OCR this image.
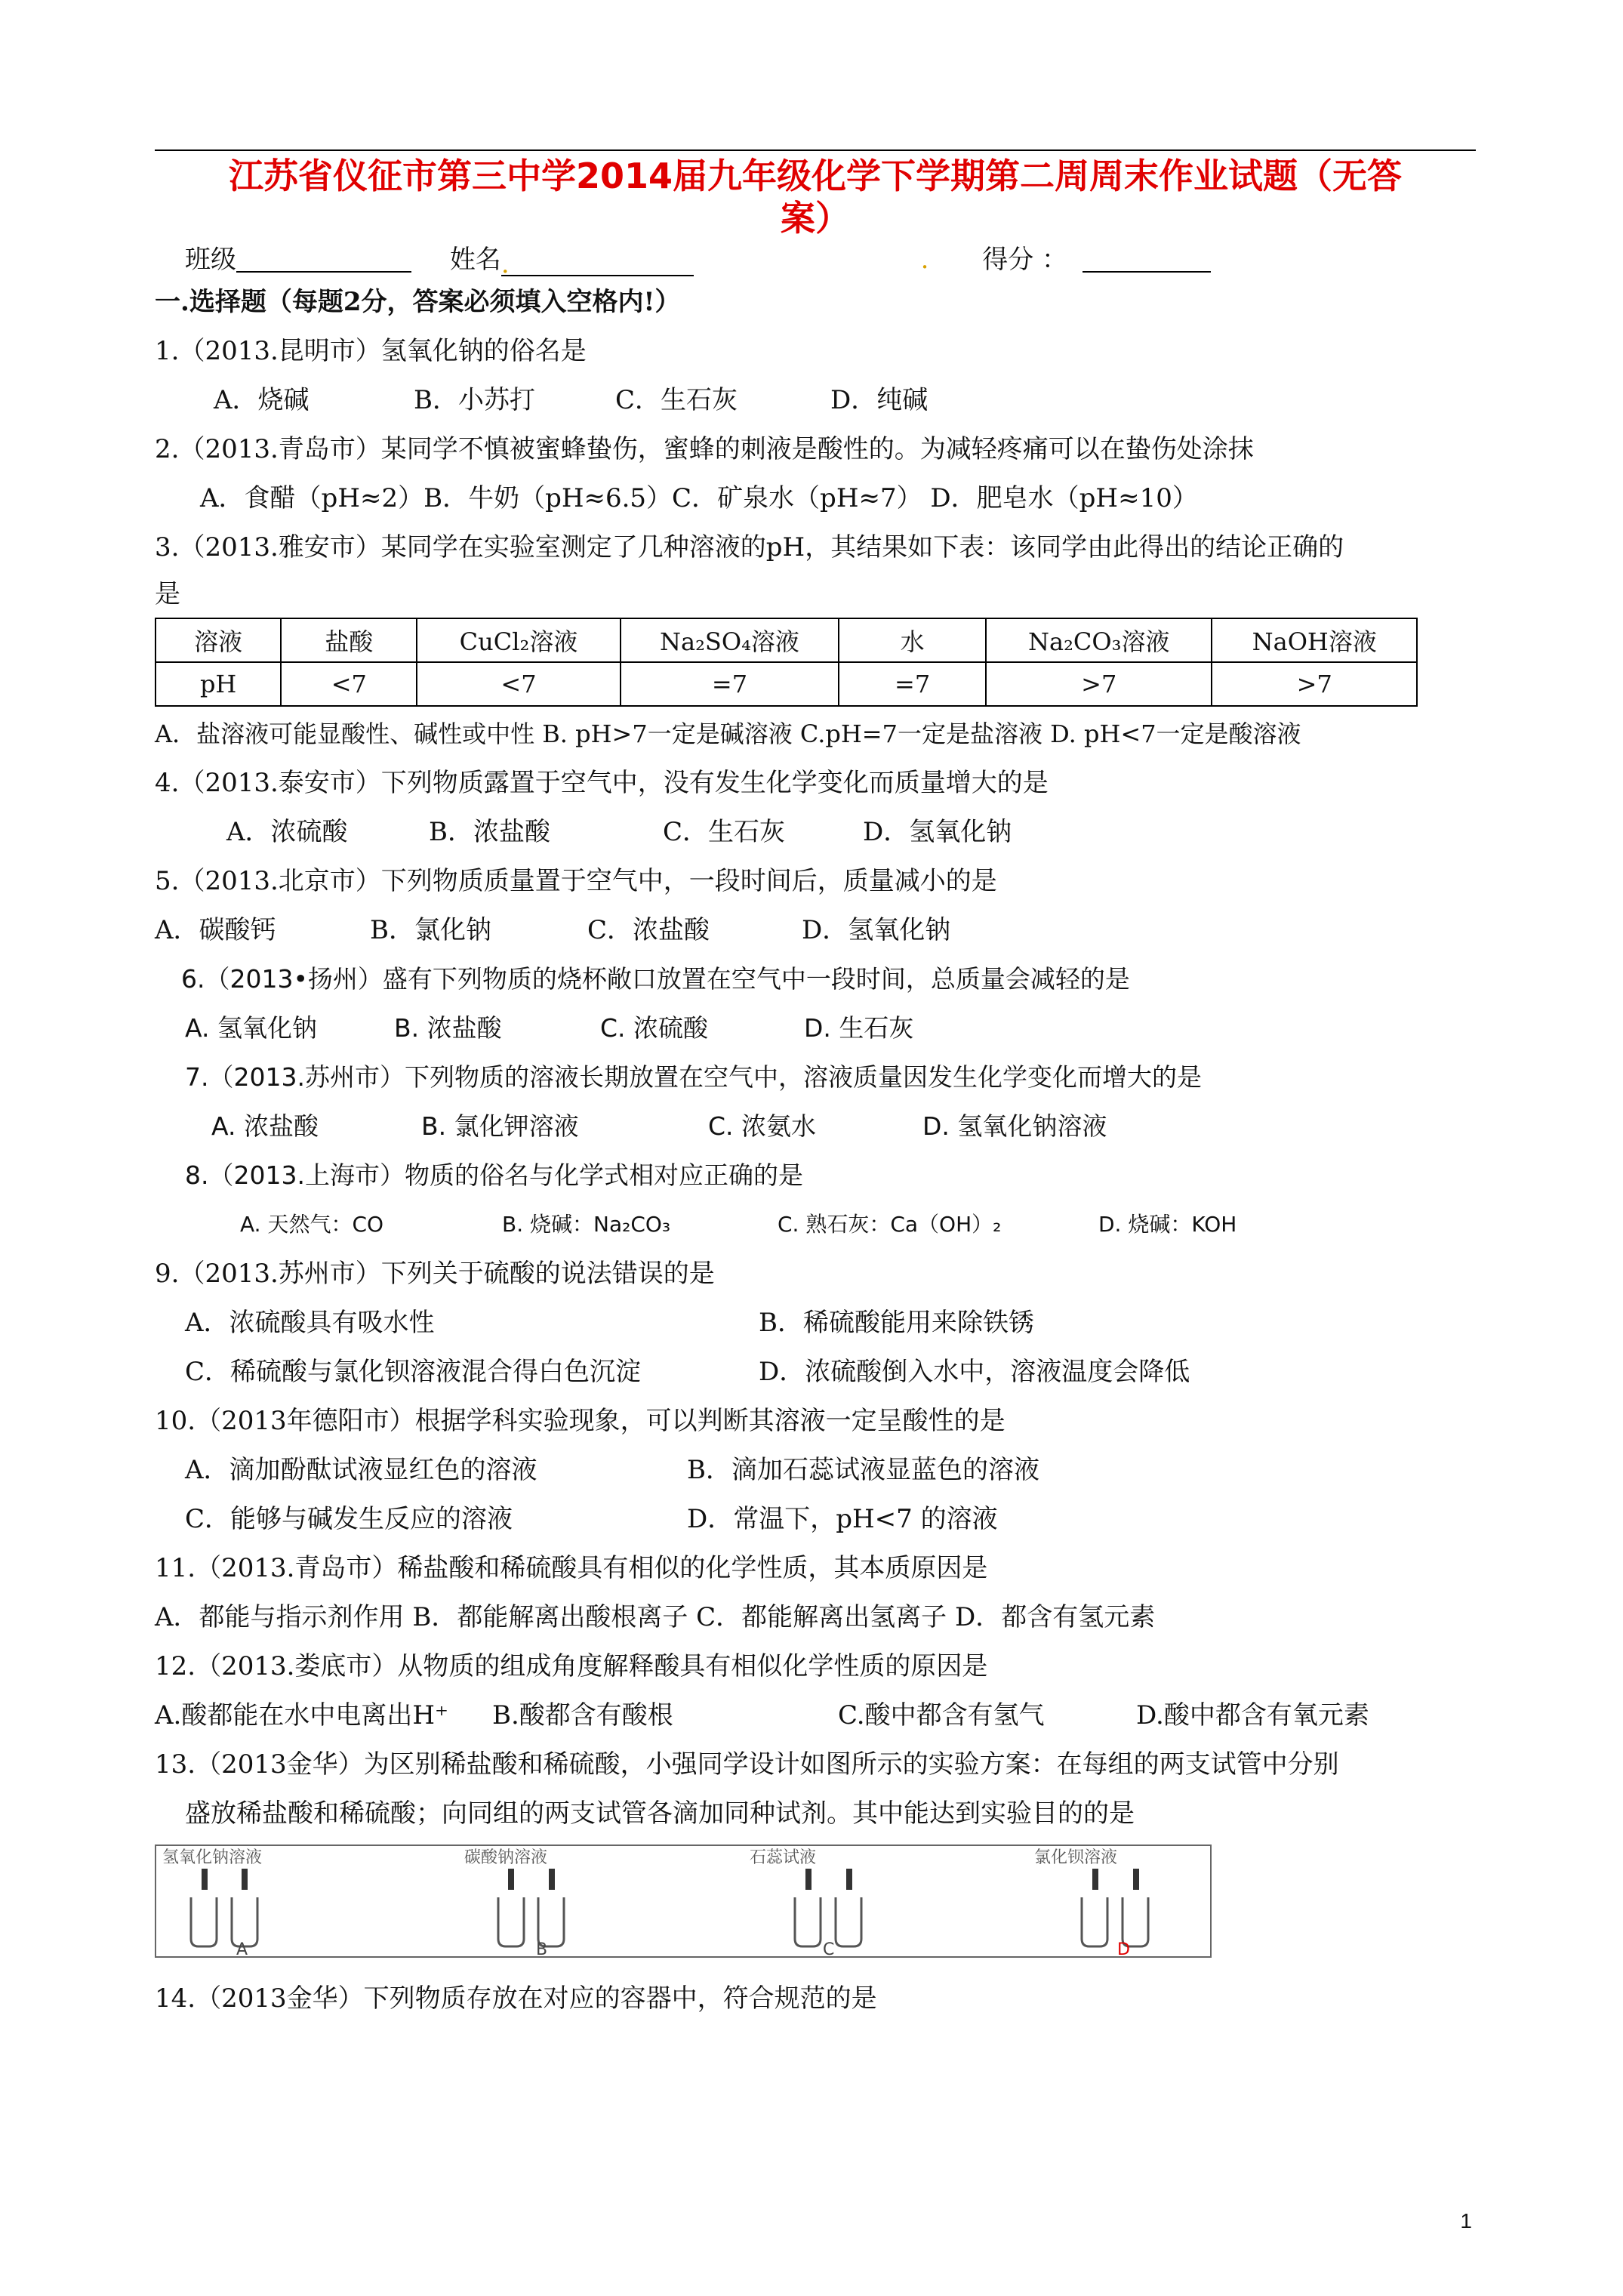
江苏省仪征市第三中学2014届九年级化学下学期第二周周末作业试题（无答
案）
班级	姓名.	. 得分 ：
一.选择题（每题2分，答案必须填入空格内!）
1.（2013.昆明市）氢氧化钠的俗名是
A．烧碱	B．小苏打	C．生石灰	D．纯碱
2.（2013.青岛市）某同学不慎被蜜蜂蛰伤，蜜蜂的刺液是酸性的。为减轻疼痛可以在蛰伤处涂抹
A．食醋（pH≈2）B．牛奶（pH≈6.5）C．矿泉水（pH≈7） D．肥皂水（pH≈10）
3.（2013.雅安市）某同学在实验室测定了几种溶液的pH，其结果如下表：该同学由此得出的结论正确的
是
溶液	盐酸	CuCl₂溶液	Na₂SO₄溶液	水	Na₂CO₃溶液	NaOH溶液
pH	<7	<7	=7	=7	>7	>7
A．盐溶液可能显酸性、碱性或中性 B. pH>7一定是碱溶液 C.pH=7一定是盐溶液 D. pH<7一定是酸溶液
4.（2013.泰安市）下列物质露置于空气中，没有发生化学变化而质量增大的是
A．浓硫酸	B．浓盐酸	C．生石灰	D．氢氧化钠
5.（2013.北京市）下列物质质量置于空气中，一段时间后，质量减小的是
A．碳酸钙	B．氯化钠	C．浓盐酸	D．氢氧化钠
6.（2013•扬州）盛有下列物质的烧杯敞口放置在空气中一段时间，总质量会减轻的是
A. 氢氧化钠	B. 浓盐酸	C. 浓硫酸	D. 生石灰
7.（2013.苏州市）下列物质的溶液长期放置在空气中，溶液质量因发生化学变化而增大的是
A. 浓盐酸	B. 氯化钾溶液	C. 浓氨水	D. 氢氧化钠溶液
8.（2013.上海市）物质的俗名与化学式相对应正确的是
A. 天然气：CO	B. 烧碱：Na₂CO₃	C. 熟石灰：Ca（OH）₂	D. 烧碱：KOH
9.（2013.苏州市）下列关于硫酸的说法错误的是
A．浓硫酸具有吸水性	B．稀硫酸能用来除铁锈
C．稀硫酸与氯化钡溶液混合得白色沉淀	D．浓硫酸倒入水中，溶液温度会降低
10.（2013年德阳市）根据学科实验现象，可以判断其溶液一定呈酸性的是
A．滴加酚酞试液显红色的溶液	B．滴加石蕊试液显蓝色的溶液
C．能够与碱发生反应的溶液	D．常温下，pH<7 的溶液
11.（2013.青岛市）稀盐酸和稀硫酸具有相似的化学性质，其本质原因是
A．都能与指示剂作用 B．都能解离出酸根离子 C．都能解离出氢离子 D．都含有氢元素
12.（2013.娄底市）从物质的组成角度解释酸具有相似化学性质的原因是
A.酸都能在水中电离出H⁺ B.酸都含有酸根	C.酸中都含有氢气	D.酸中都含有氧元素
13.（2013金华）为区别稀盐酸和稀硫酸，小强同学设计如图所示的实验方案：在每组的两支试管中分别
盛放稀盐酸和稀硫酸；向同组的两支试管各滴加同种试剂。其中能达到实验目的的是
氢氧化钠溶液	碳酸钠溶液	石蕊试液	氯化钡溶液
A	B	C	D
14.（2013金华）下列物质存放在对应的容器中，符合规范的是
1
